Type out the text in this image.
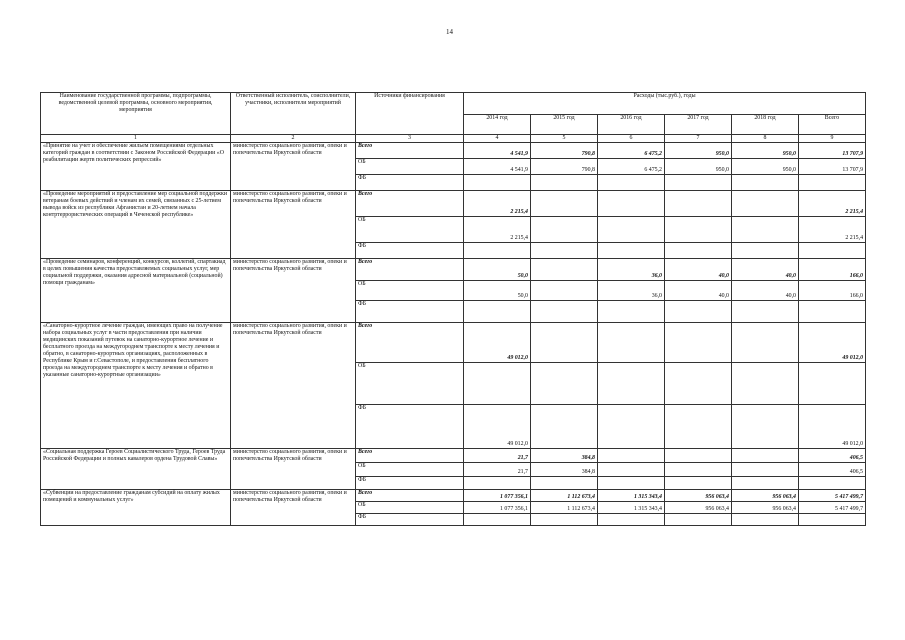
14
Наименование государственной программы, подпрограммы, ведомственной целевой программы, основного мероприятия, мероприятия	Ответственный исполнитель, соисполнители, участники, исполнители мероприятий	Источники финансирования	Расходы (тыс.руб.), годы					
			2014 год	2015 год	2016 год	2017 год	2018 год	Всего
1	2	3	4	5	6	7	8	9
«Принятие на учет и обеспечение жильем помещениями отдельных категорий граждан в соответствии с Законом Российской Федерации «О реабилитации жертв политических репрессий»	министерство социального развития, опеки и попечительства Иркутской области	Всего	4 541,9	790,8	6 475,2	950,0	950,0	13 707,9
		ОБ	4 541,9	790,8	6 475,2	950,0	950,0	13 707,9
		ФБ						
«Проведение мероприятий и предоставление мер социальной поддержки ветеранам боевых действий и членам их семей, связанных с 25-летием вывода войск из республики Афганистан и 20-летием начала контртеррористических операций в Чеченской республике»	министерство социального развития, опеки и попечительства Иркутской области	Всего	2 215,4					2 215,4
		ОБ	2 215,4					2 215,4
		ФБ						
«Проведение семинаров, конференций, конкурсов, коллегий, спартакиад в целях повышения качества предоставляемых социальных услуг, мер социальной поддержки, оказания адресной материальной (социальной) помощи гражданам»	министерство социального развития, опеки и попечительства Иркутской области	Всего	50,0		36,0	40,0	40,0	166,0
		ОБ	50,0		36,0	40,0	40,0	166,0
		ФБ						
«Санаторно-курортное лечение граждан, имеющих право на получение набора социальных услуг в части предоставления при наличии медицинских показаний путевок на санаторно-курортное лечение и бесплатного проезда на междугороднем транспорте к месту лечения и обратно, в санаторно-курортных организациях, расположенных в Республике Крым и г.Севастополе, и предоставления бесплатного проезда на междугороднем транспорте к месту лечения и обратно в указанные санаторно-курортные организации»	министерство социального развития, опеки и попечительства Иркутской области	Всего	49 012,0					49 012,0
		ОБ						
		ФБ	49 012,0					49 012,0
«Социальная поддержка Героев Социалистического Труда, Героев Труда Российской Федерации и полных кавалеров ордена Трудовой Славы»	министерство социального развития, опеки и попечительства Иркутской области	Всего	21,7	384,8				406,5
		ОБ	21,7	384,8				406,5
		ФБ						
«Субвенции на предоставление гражданам субсидий на оплату жилых помещений и коммунальных услуг»	министерство социального развития, опеки и попечительства Иркутской области	Всего	1 077 356,1	1 112 673,4	1 315 343,4	956 063,4	956 063,4	5 417 499,7
		ОБ	1 077 356,1	1 112 673,4	1 315 343,4	956 063,4	956 063,4	5 417 499,7
		ФБ						
